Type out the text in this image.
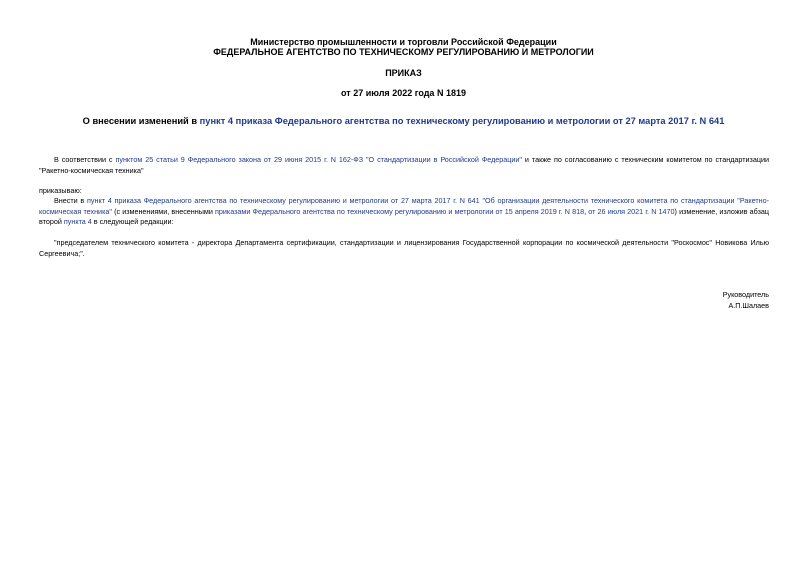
Министерство промышленности и торговли Российской Федерации
ФЕДЕРАЛЬНОЕ АГЕНТСТВО ПО ТЕХНИЧЕСКОМУ РЕГУЛИРОВАНИЮ И МЕТРОЛОГИИ
ПРИКАЗ
от 27 июля 2022 года N 1819
О внесении изменений в пункт 4 приказа Федерального агентства по техническому регулированию и метрологии от 27 марта 2017 г. N 641
В соответствии с пунктом 25 статьи 9 Федерального закона от 29 июня 2015 г. N 162-ФЗ "О стандартизации в Российской Федерации" и также по согласованию с техническим комитетом по стандартизации "Ракетно-космическая техника"
приказываю:
Внести в пункт 4 приказа Федерального агентства по техническому регулированию и метрологии от 27 марта 2017 г. N 641 "Об организации деятельности технического комитета по стандартизации "Ракетно-космическая техника" (с изменениями, внесенными приказами Федерального агентства по техническому регулированию и метрологии от 15 апреля 2019 г. N 818, от 26 июля 2021 г. N 1470) изменение, изложив абзац второй пункта 4 в следующей редакции:
"председателем технического комитета - директора Департамента сертификации, стандартизации и лицензирования Государственной корпорации по космической деятельности "Роскосмос" Новикова Илью Сергеевича;".
Руководитель
А.П.Шалаев
